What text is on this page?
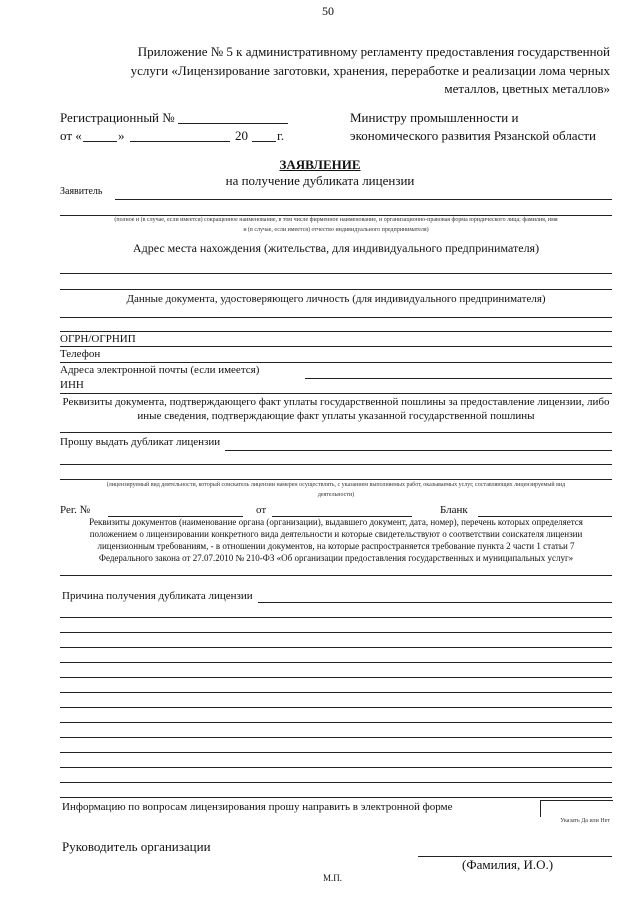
50
Приложение № 5 к административному регламенту предоставления государственной
услуги «Лицензирование заготовки, хранения, переработке и реализации лома черных
металлов, цветных металлов»
Регистрационный №
от «	»	20 г.
Министру промышленности и
экономического развития Рязанской области
ЗАЯВЛЕНИЕ
на получение дубликата лицензии
Заявитель
(полное и (в случае, если имеется) сокращенное наименование, в том числе фирменное наименование, и организационно-правовая форма юридического лица; фамилия, имя
и (в случае, если имеется) отчество индивидуального предпринимателя)
Адрес места нахождения (жительства, для индивидуального предпринимателя)
Данные документа, удостоверяющего личность (для индивидуального предпринимателя)
ОГРН/ОГРНИП
Телефон
Адреса электронной почты (если имеется)
ИНН
Реквизиты документа, подтверждающего факт уплаты государственной пошлины за предоставление лицензии, либо
иные сведения, подтверждающие факт уплаты указанной государственной пошлины
Прошу выдать дубликат лицензии
(лицензируемый вид деятельности, который соискатель лицензии намерен осуществлять, с указанием выполняемых работ, оказываемых услуг, составляющих лицензируемый вид
деятельности)
Рег. №	от	Бланк
Реквизиты документов (наименование органа (организации), выдавшего документ, дата, номер), перечень которых определяется
положением о лицензировании конкретного вида деятельности и которые свидетельствуют о соответствии соискателя лицензии
лицензионным требованиям, - в отношении документов, на которые распространяется требование пункта 2 части 1 статьи 7
Федерального закона от 27.07.2010 № 210-ФЗ «Об организации предоставления государственных и муниципальных услуг»
Причина получения дубликата лицензии
Информацию по вопросам лицензирования прошу направить в электронной форме
Указать Да или Нет
Руководитель организации
(Фамилия, И.О.)
М.П.
